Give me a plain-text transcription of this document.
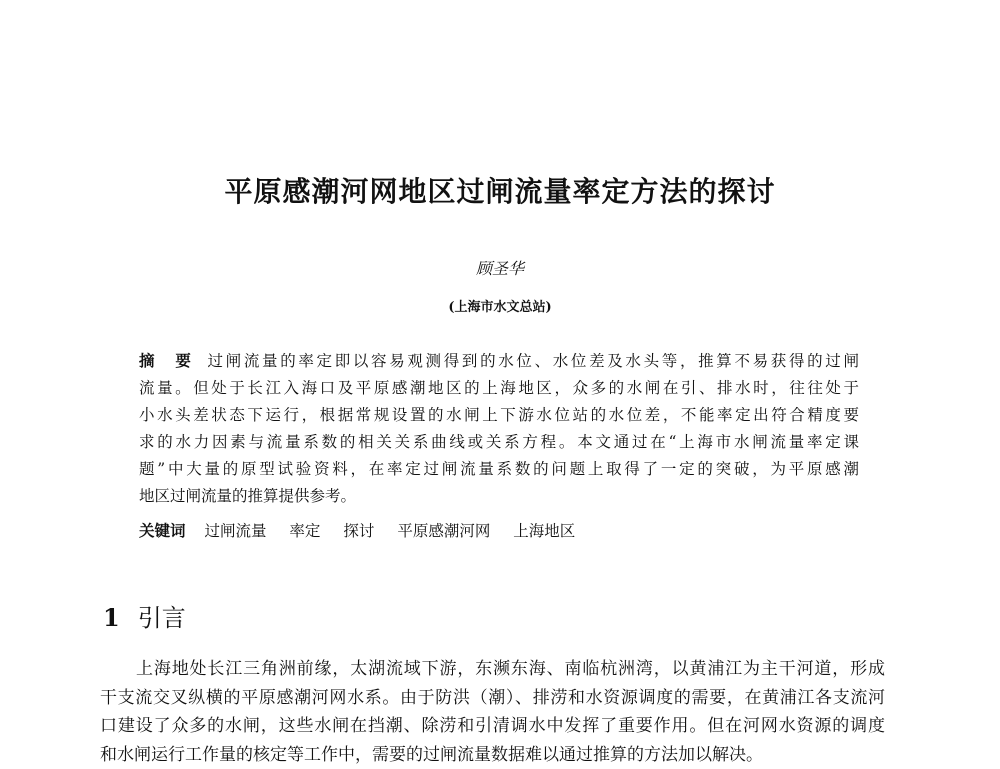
平原感潮河网地区过闸流量率定方法的探讨
顾圣华
(上海市水文总站)
摘　要 过闸流量的率定即以容易观测得到的水位、水位差及水头等，推算不易获得的过闸
流量。但处于长江入海口及平原感潮地区的上海地区，众多的水闸在引、排水时，往往处于
小水头差状态下运行，根据常规设置的水闸上下游水位站的水位差，不能率定出符合精度要
求的水力因素与流量系数的相关关系曲线或关系方程。本文通过在“上海市水闸流量率定课
题”中大量的原型试验资料，在率定过闸流量系数的问题上取得了一定的突破，为平原感潮
地区过闸流量的推算提供参考。
关键词 过闸流量 率定 探讨 平原感潮河网 上海地区
1 引言
上海地处长江三角洲前缘，太湖流域下游，东濒东海、南临杭洲湾，以黄浦江为主干河道，形成
干支流交叉纵横的平原感潮河网水系。由于防洪（潮）、排涝和水资源调度的需要，在黄浦江各支流河
口建设了众多的水闸，这些水闸在挡潮、除涝和引清调水中发挥了重要作用。但在河网水资源的调度
和水闸运行工作量的核定等工作中，需要的过闸流量数据难以通过推算的方法加以解决。
